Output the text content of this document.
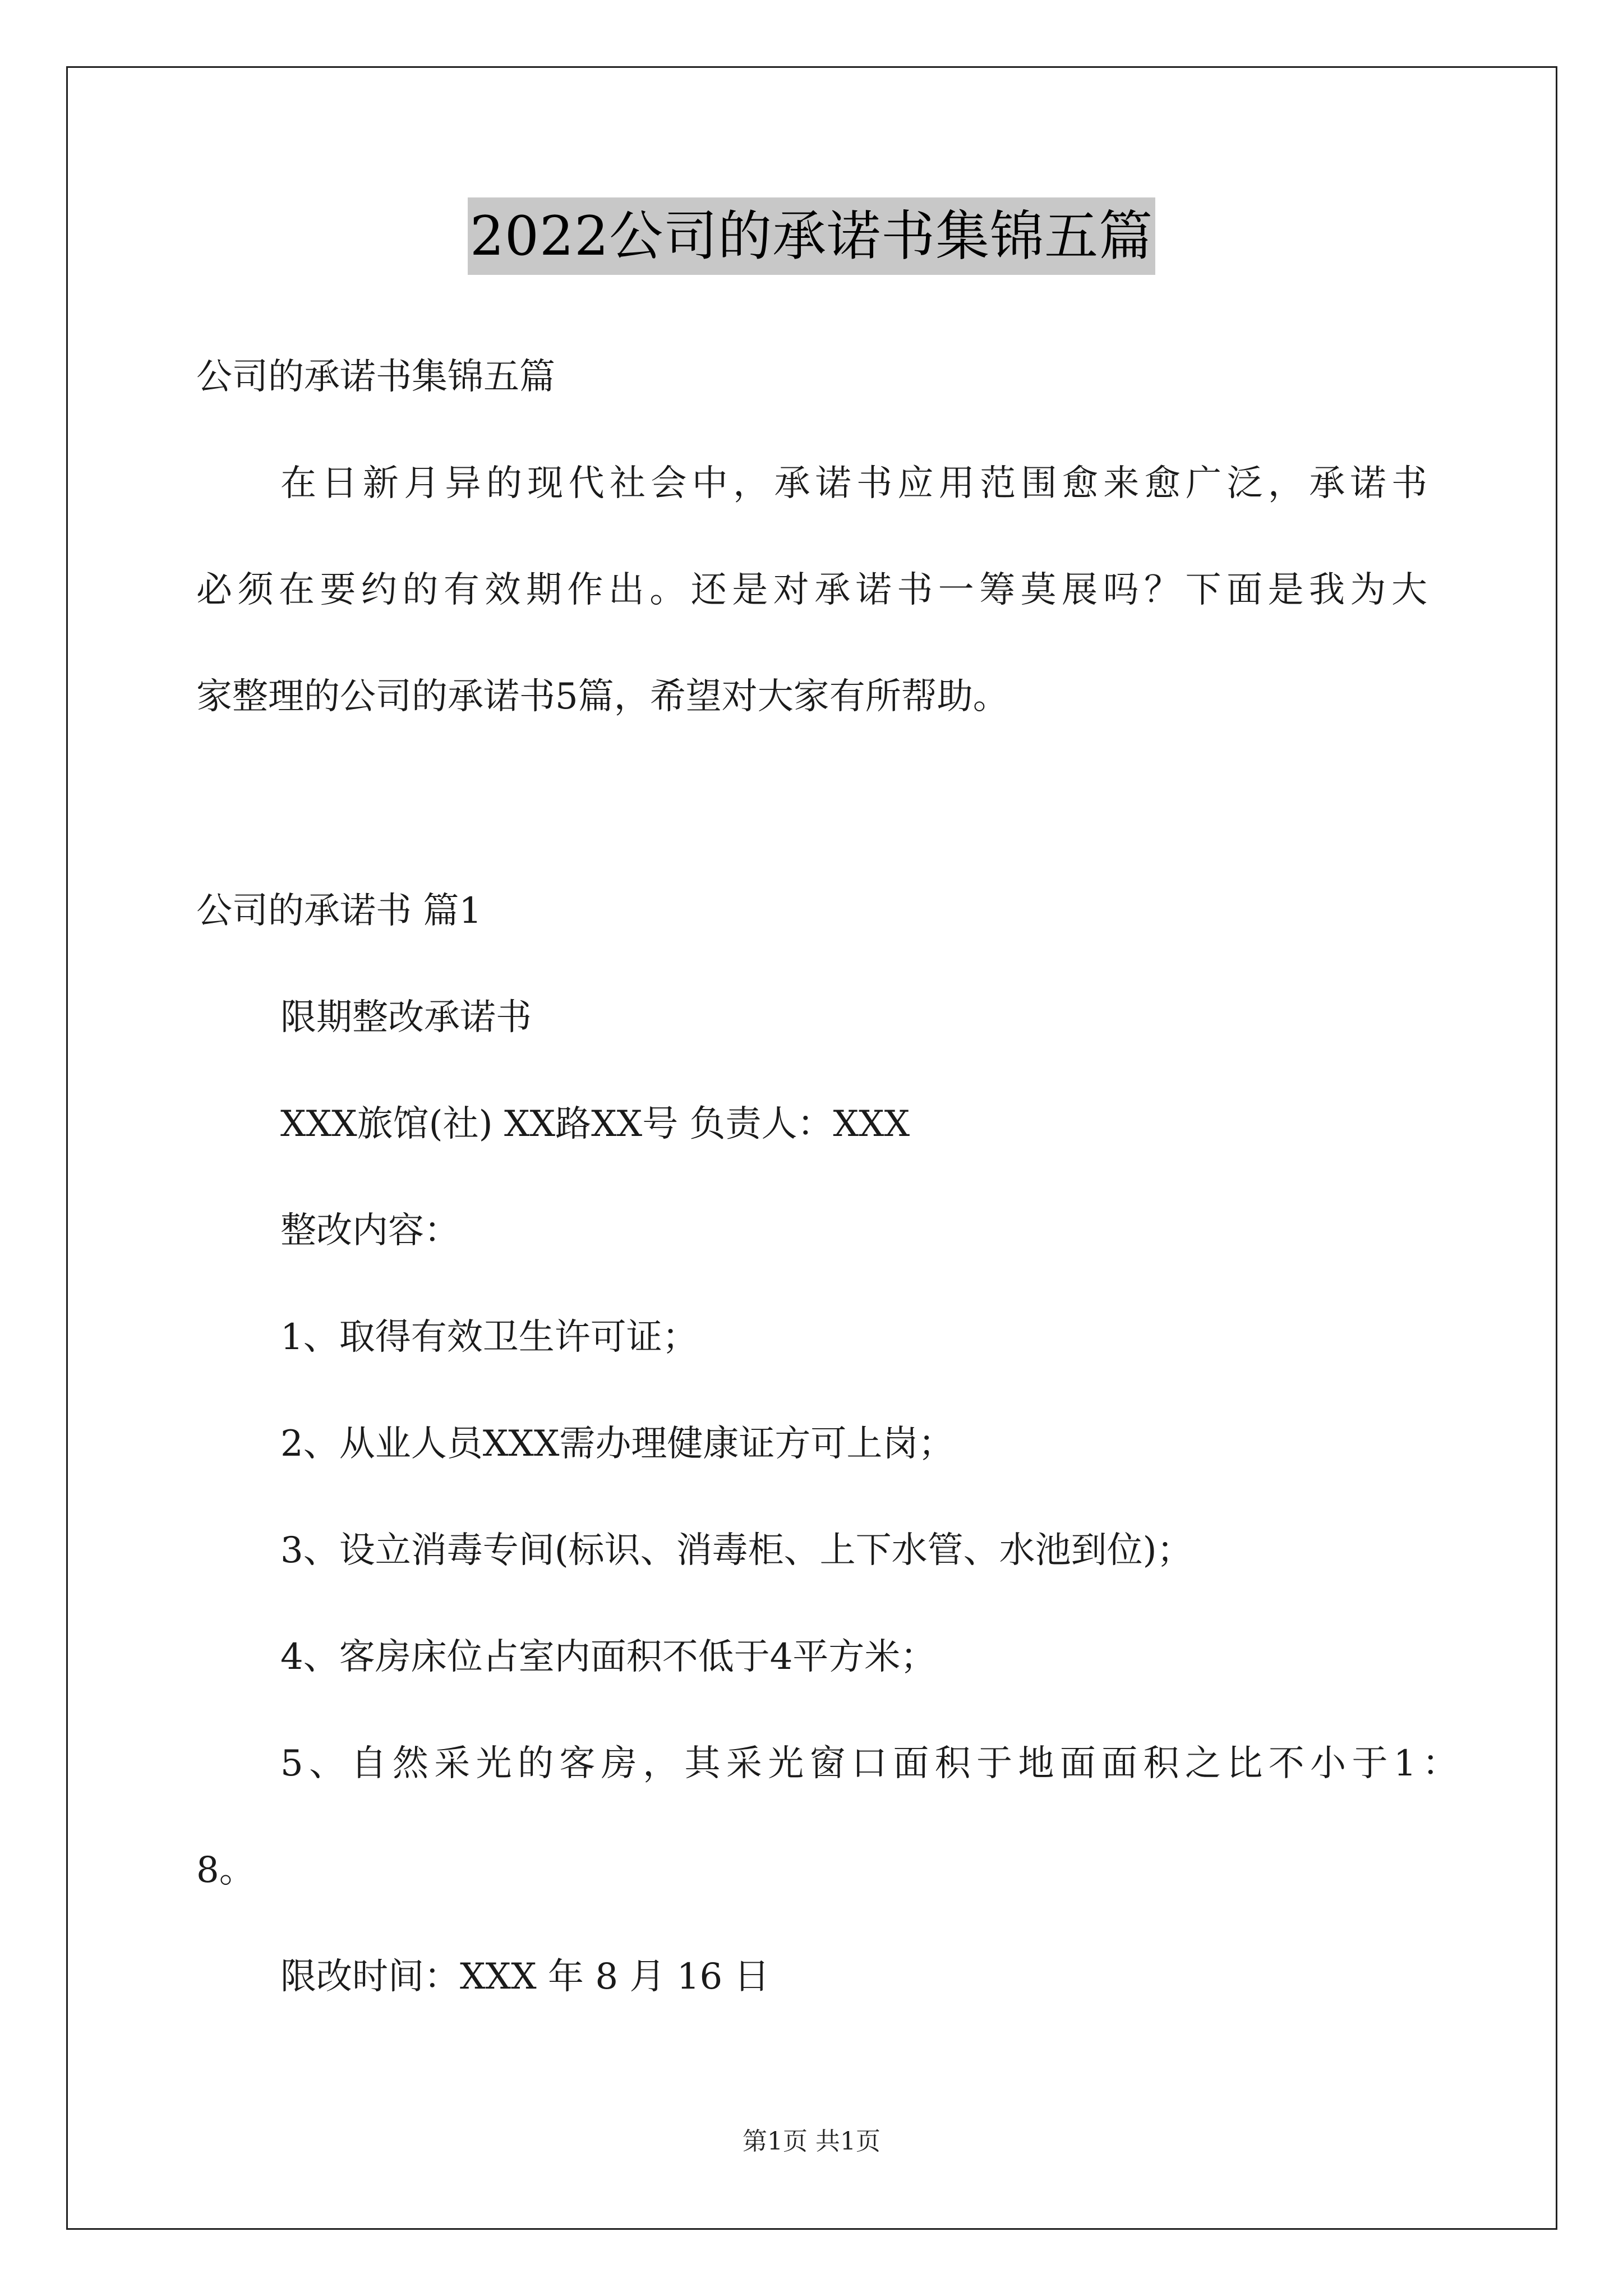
2022公司的承诺书集锦五篇
公司的承诺书集锦五篇
在日新月异的现代社会中，承诺书应用范围愈来愈广泛，承诺书
必须在要约的有效期作出。还是对承诺书一筹莫展吗？下面是我为大
家整理的公司的承诺书5篇，希望对大家有所帮助。
公司的承诺书 篇1
限期整改承诺书
XXX旅馆(社) XX路XX号 负责人：XXX
整改内容：
1、取得有效卫生许可证；
2、从业人员XXX需办理健康证方可上岗；
3、设立消毒专间(标识、消毒柜、上下水管、水池到位)；
4、客房床位占室内面积不低于4平方米；
5、自然采光的客房，其采光窗口面积于地面面积之比不小于1：
8。
限改时间：XXX 年 8 月 16 日
第1页 共1页
